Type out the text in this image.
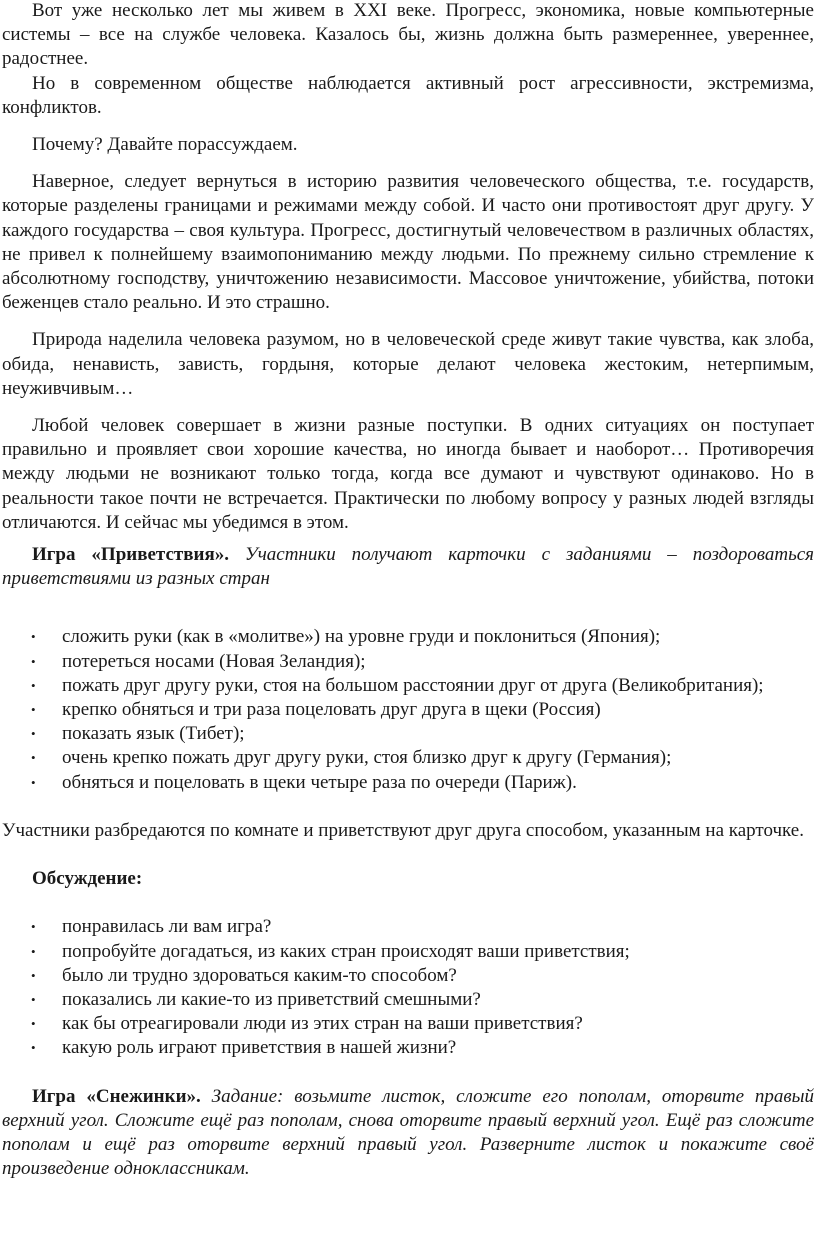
Вот уже несколько лет мы живем в XXI веке. Прогресс, экономика, новые компьютерные системы – все на службе человека. Казалось бы, жизнь должна быть размереннее, увереннее, радостнее.

Но в современном обществе наблюдается активный рост агрессивности, экстремизма, конфликтов.

Почему? Давайте порассуждаем.

Наверное, следует вернуться в историю развития человеческого общества, т.е. государств, которые разделены границами и режимами между собой. И часто они противостоят друг другу. У каждого государства – своя культура. Прогресс, достигнутый человечеством в различных областях, не привел к полнейшему взаимопониманию между людьми. По прежнему сильно стремление к абсолютному господству, уничтожению независимости. Массовое уничтожение, убийства, потоки беженцев стало реально. И это страшно.

Природа наделила человека разумом, но в человеческой среде живут такие чувства, как злоба, обида, ненависть, зависть, гордыня, которые делают человека жестоким, нетерпимым, неуживчивым…

Любой человек совершает в жизни разные поступки. В одних ситуациях он поступает правильно и проявляет свои хорошие качества, но иногда бывает и наоборот… Противоречия между людьми не возникают только тогда, когда все думают и чувствуют одинаково. Но в реальности такое почти не встречается. Практически по любому вопросу у разных людей взгляды отличаются. И сейчас мы убедимся в этом.

Игра «Приветствия». Участники получают карточки с заданиями – поздороваться приветствиями из разных стран

• сложить руки (как в «молитве») на уровне груди и поклониться (Япония);
• потереться носами (Новая Зеландия);
• пожать друг другу руки, стоя на большом расстоянии друг от друга (Великобритания);
• крепко обняться и три раза поцеловать друг друга в щеки (Россия)
• показать язык (Тибет);
• очень крепко пожать друг другу руки, стоя близко друг к другу (Германия);
• обняться и поцеловать в щеки четыре раза по очереди (Париж).

Участники разбредаются по комнате и приветствуют друг друга способом, указанным на карточке.

Обсуждение:

• понравилась ли вам игра?
• попробуйте догадаться, из каких стран происходят ваши приветствия;
• было ли трудно здороваться каким-то способом?
• показались ли какие-то из приветствий смешными?
• как бы отреагировали люди из этих стран на ваши приветствия?
• какую роль играют приветствия в нашей жизни?

Игра «Снежинки». Задание: возьмите листок, сложите его пополам, оторвите правый верхний угол. Сложите ещё раз пополам, снова оторвите правый верхний угол. Ещё раз сложите пополам и ещё раз оторвите верхний правый угол. Разверните листок и покажите своё произведение одноклассникам.
